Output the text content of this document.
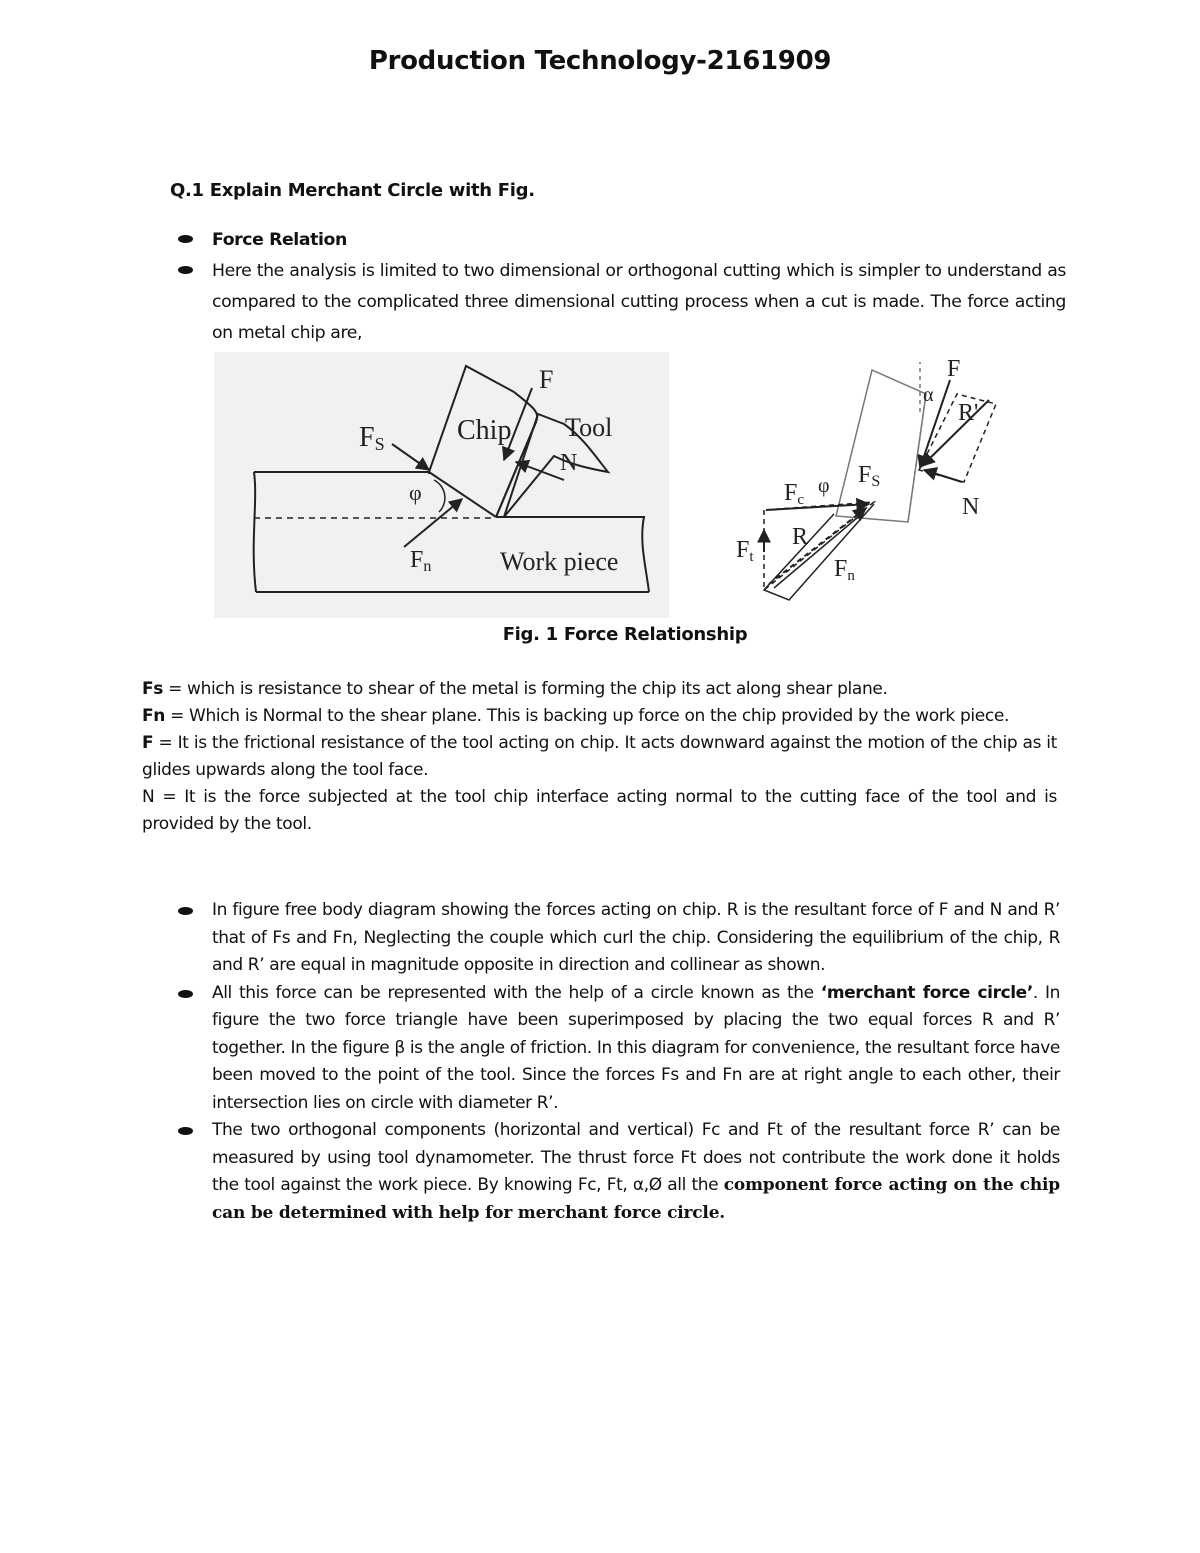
Production Technology-2161909
Q.1 Explain Merchant Circle with Fig.
Force Relation
Here the analysis is limited to two dimensional or orthogonal cutting which is simpler to understand as compared to the complicated three dimensional cutting process when a cut is made. The force acting on metal chip are,
FS	Chip Tool
F
N
φ
Fn	Work piece
F
α
R'
FS
Fc
φ
N
Ft
R
Fn
Fig. 1 Force Relationship

Fs = which is resistance to shear of the metal is forming the chip its act along shear plane.

Fn = Which is Normal to the shear plane. This is backing up force on the chip provided by the work piece.

F = It is the frictional resistance of the tool acting on chip. It acts downward against the motion of the chip as it glides upwards along the tool face.

N = It is the force subjected at the tool chip interface acting normal to the cutting face of the tool and is provided by the tool.

In figure free body diagram showing the forces acting on chip. R is the resultant force of F and N and R’ that of Fs and Fn, Neglecting the couple which curl the chip. Considering the equilibrium of the chip, R and R’ are equal in magnitude opposite in direction and collinear as shown.
All this force can be represented with the help of a circle known as the ‘merchant force circle’. In figure the two force triangle have been superimposed by placing the two equal forces R and R’ together. In the figure β is the angle of friction. In this diagram for convenience, the resultant force have been moved to the point of the tool. Since the forces Fs and Fn are at right angle to each other, their intersection lies on circle with diameter R’.
The two orthogonal components (horizontal and vertical) Fc and Ft of the resultant force R’ can be measured by using tool dynamometer. The thrust force Ft does not contribute the work done it holds the tool against the work piece. By knowing Fc, Ft, α,Ø all the component force acting on the chip can be determined with help for merchant force circle.
